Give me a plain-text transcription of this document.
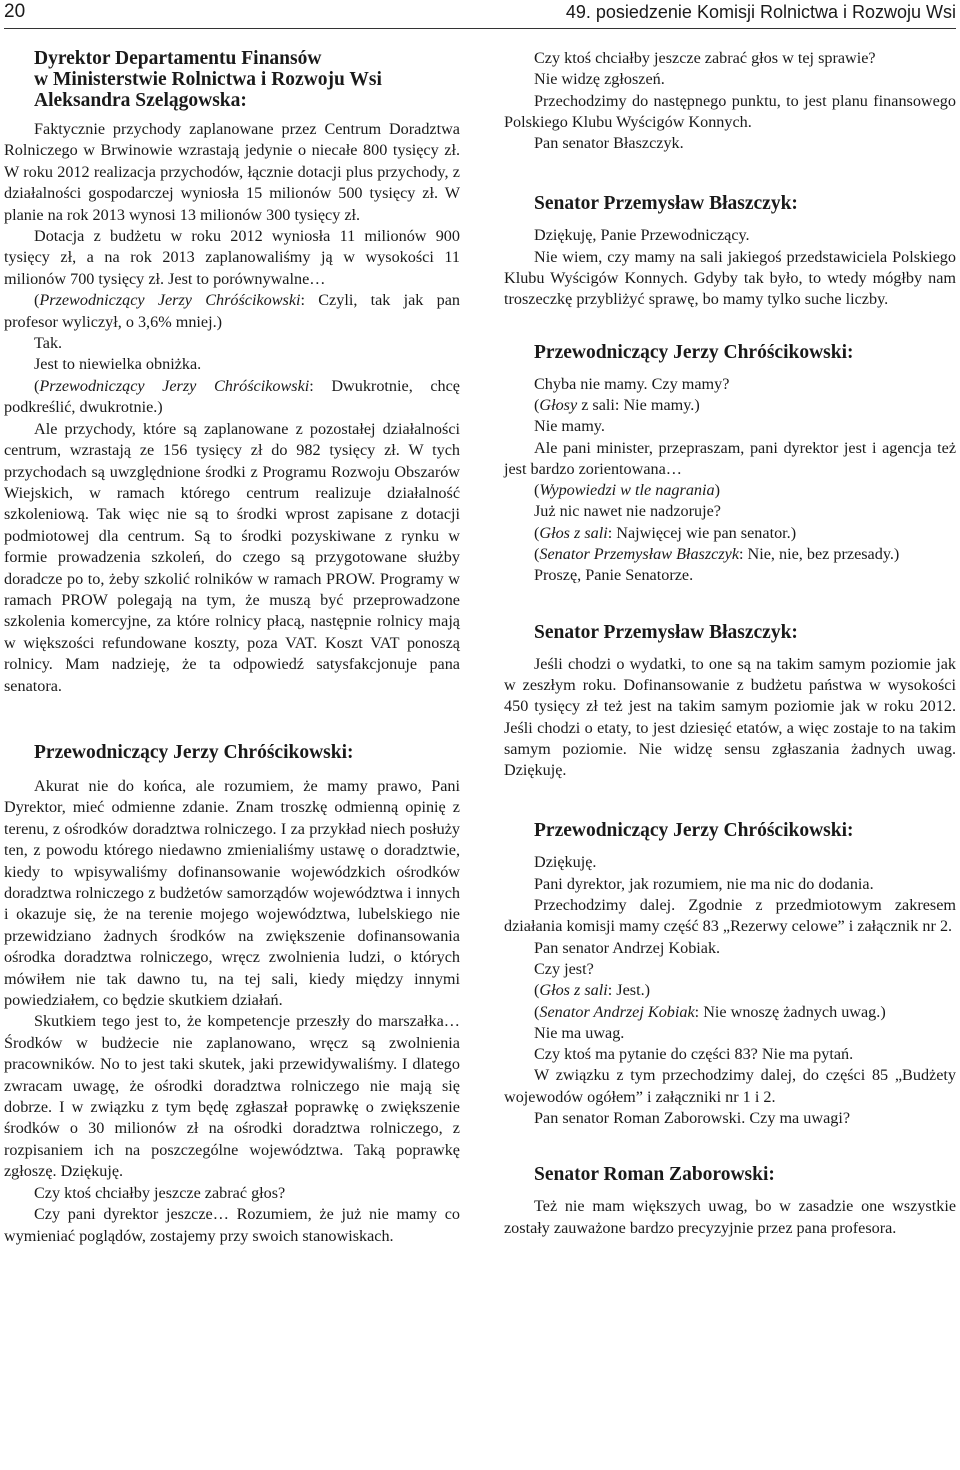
20	49. posiedzenie Komisji Rolnictwa i Rozwoju Wsi
Dyrektor Departamentu Finansów
w Ministerstwie Rolnictwa i Rozwoju Wsi
Aleksandra Szelągowska:

Faktycznie przychody zaplanowane przez Centrum Doradztwa Rolniczego w Brwinowie wzrastają jedynie o niecałe 800 tysięcy zł. W roku 2012 realizacja przychodów, łącznie dotacji plus przychody, z działalności gospodarczej wyniosła 15 milionów 500 tysięcy zł. W planie na rok 2013 wynosi 13 milionów 300 tysięcy zł.

Dotacja z budżetu w roku 2012 wyniosła 11 milionów 900 tysięcy zł, a na rok 2013 zaplanowaliśmy ją w wysokości 11 milionów 700 tysięcy zł. Jest to porównywalne…

(Przewodniczący Jerzy Chróścikowski: Czyli, tak jak pan profesor wyliczył, o 3,6% mniej.)

Tak.

Jest to niewielka obniżka.

(Przewodniczący Jerzy Chróścikowski: Dwukrotnie, chcę podkreślić, dwukrotnie.)

Ale przychody, które są zaplanowane z pozostałej działalności centrum, wzrastają ze 156 tysięcy zł do 982 tysięcy zł. W tych przychodach są uwzględnione środki z Programu Rozwoju Obszarów Wiejskich, w ramach którego centrum realizuje działalność szkoleniową. Tak więc nie są to środki wprost zapisane z dotacji podmiotowej dla centrum. Są to środki pozyskiwane z rynku w formie prowadzenia szkoleń, do czego są przygotowane służby doradcze po to, żeby szkolić rolników w ramach PROW. Programy w ramach PROW polegają na tym, że muszą być przeprowadzone szkolenia komercyjne, za które rolnicy płacą, następnie rolnicy mają w większości refundowane koszty, poza VAT. Koszt VAT ponoszą rolnicy. Mam nadzieję, że ta odpowiedź satysfakcjonuje pana senatora.

Przewodniczący Jerzy Chróścikowski:

Akurat nie do końca, ale rozumiem, że mamy prawo, Pani Dyrektor, mieć odmienne zdanie. Znam troszkę odmienną opinię z terenu, z ośrodków doradztwa rolniczego. I za przykład niech posłuży ten, z powodu którego niedawno zmienialiśmy ustawę o doradztwie, kiedy to wpisywaliśmy dofinansowanie wojewódzkich ośrodków doradztwa rolniczego z budżetów samorządów województwa i innych i okazuje się, że na terenie mojego województwa, lubelskiego nie przewidziano żadnych środków na zwiększenie dofinansowania ośrodka doradztwa rolniczego, wręcz zwolnienia ludzi, o których mówiłem nie tak dawno tu, na tej sali, kiedy między innymi powiedziałem, co będzie skutkiem działań.

Skutkiem tego jest to, że kompetencje przeszły do marszałka… Środków w budżecie nie zaplanowano, wręcz są zwolnienia pracowników. No to jest taki skutek, jaki przewidywaliśmy. I dlatego zwracam uwagę, że ośrodki doradztwa rolniczego nie mają się dobrze. I w związku z tym będę zgłaszał poprawkę o zwiększenie środków o 30 milionów zł na ośrodki doradztwa rolniczego, z rozpisaniem ich na poszczególne województwa. Taką poprawkę zgłoszę. Dziękuję.

Czy ktoś chciałby jeszcze zabrać głos?

Czy pani dyrektor jeszcze… Rozumiem, że już nie mamy co wymieniać poglądów, zostajemy przy swoich stanowiskach.

Czy ktoś chciałby jeszcze zabrać głos w tej sprawie?

Nie widzę zgłoszeń.

Przechodzimy do następnego punktu, to jest planu finansowego Polskiego Klubu Wyścigów Konnych.

Pan senator Błaszczyk.

Senator Przemysław Błaszczyk:

Dziękuję, Panie Przewodniczący.

Nie wiem, czy mamy na sali jakiegoś przedstawiciela Polskiego Klubu Wyścigów Konnych. Gdyby tak było, to wtedy mógłby nam troszeczkę przybliżyć sprawę, bo mamy tylko suche liczby.

Przewodniczący Jerzy Chróścikowski:

Chyba nie mamy. Czy mamy?

(Głosy z sali: Nie mamy.)

Nie mamy.

Ale pani minister, przepraszam, pani dyrektor jest i agencja też jest bardzo zorientowana…

(Wypowiedzi w tle nagrania)

Już nic nawet nie nadzoruje?

(Głos z sali: Najwięcej wie pan senator.)

(Senator Przemysław Błaszczyk: Nie, nie, bez przesady.)

Proszę, Panie Senatorze.

Senator Przemysław Błaszczyk:

Jeśli chodzi o wydatki, to one są na takim samym poziomie jak w zeszłym roku. Dofinansowanie z budżetu państwa w wysokości 450 tysięcy zł też jest na takim samym poziomie jak w roku 2012. Jeśli chodzi o etaty, to jest dziesięć etatów, a więc zostaje to na takim samym poziomie. Nie widzę sensu zgłaszania żadnych uwag. Dziękuję.

Przewodniczący Jerzy Chróścikowski:

Dziękuję.

Pani dyrektor, jak rozumiem, nie ma nic do dodania.

Przechodzimy dalej. Zgodnie z przedmiotowym zakresem działania komisji mamy część 83 „Rezerwy celowe” i załącznik nr 2.

Pan senator Andrzej Kobiak.

Czy jest?

(Głos z sali: Jest.)

(Senator Andrzej Kobiak: Nie wnoszę żadnych uwag.)

Nie ma uwag.

Czy ktoś ma pytanie do części 83? Nie ma pytań.

W związku z tym przechodzimy dalej, do części 85 „Budżety wojewodów ogółem” i załączniki nr 1 i 2.

Pan senator Roman Zaborowski. Czy ma uwagi?

Senator Roman Zaborowski:

Też nie mam większych uwag, bo w zasadzie one wszystkie zostały zauważone bardzo precyzyjnie przez pana profesora.
